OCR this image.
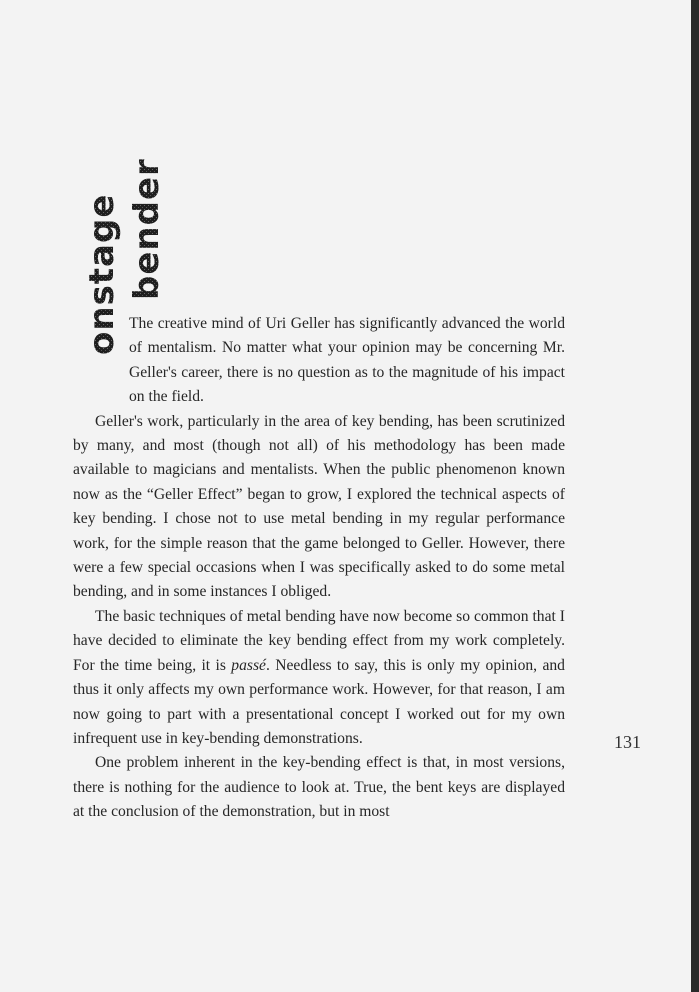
onstage bender

The creative mind of Uri Geller has significantly advanced the world of mentalism. No matter what your opinion may be concerning Mr. Geller's career, there is no question as to the magnitude of his impact on the field.

Geller's work, particularly in the area of key bending, has been scrutinized by many, and most (though not all) of his methodology has been made available to magicians and mentalists. When the public phenomenon known now as the “Geller Effect” began to grow, I explored the technical aspects of key bending. I chose not to use metal bending in my regular performance work, for the simple reason that the game belonged to Geller. However, there were a few special occasions when I was specifically asked to do some metal bending, and in some instances I obliged.

The basic techniques of metal bending have now become so common that I have decided to eliminate the key bending effect from my work completely. For the time being, it is passé. Needless to say, this is only my opinion, and thus it only affects my own performance work. However, for that reason, I am now going to part with a presentational concept I worked out for my own infrequent use in key-bending demonstrations.

One problem inherent in the key-bending effect is that, in most versions, there is nothing for the audience to look at. True, the bent keys are displayed at the conclusion of the demonstration, but in most

131
